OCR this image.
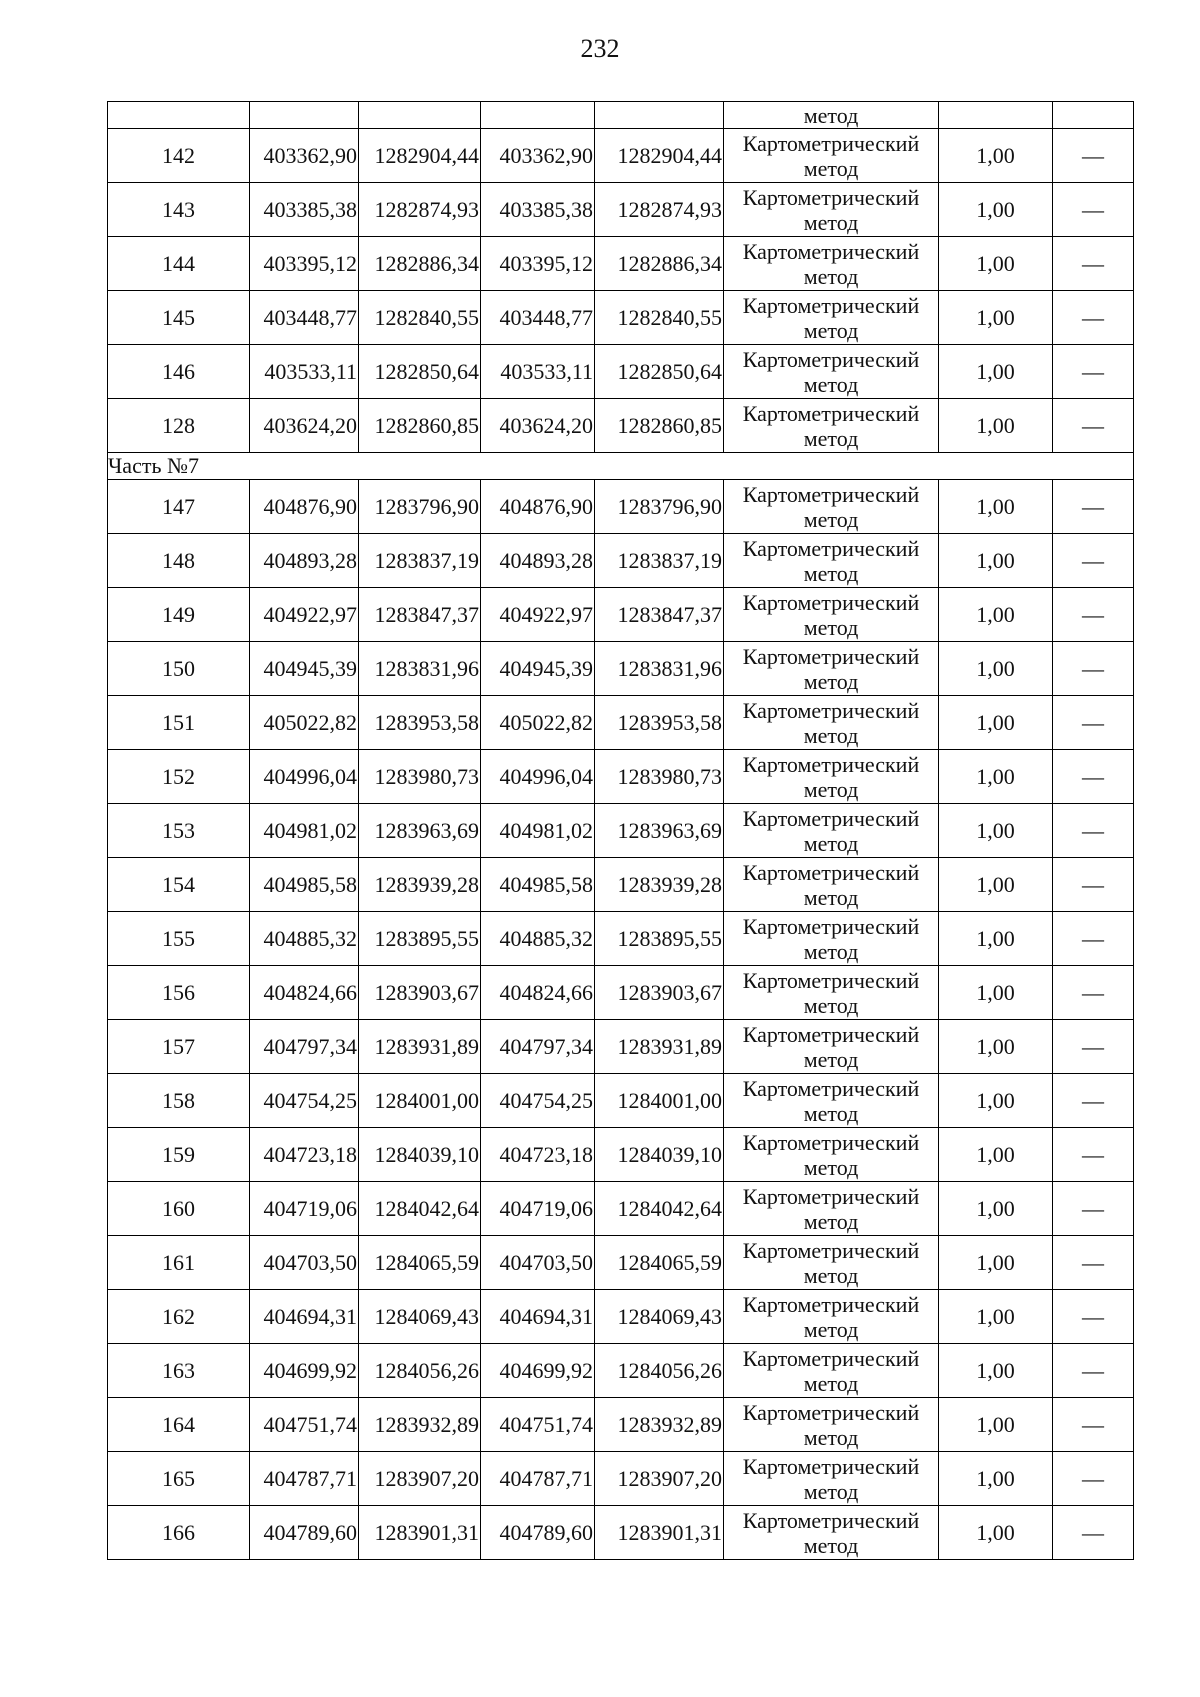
232
					метод		
142	403362,90	1282904,44	403362,90	1282904,44	Картометрический
метод	1,00	—
143	403385,38	1282874,93	403385,38	1282874,93	Картометрический
метод	1,00	—
144	403395,12	1282886,34	403395,12	1282886,34	Картометрический
метод	1,00	—
145	403448,77	1282840,55	403448,77	1282840,55	Картометрический
метод	1,00	—
146	403533,11	1282850,64	403533,11	1282850,64	Картометрический
метод	1,00	—
128	403624,20	1282860,85	403624,20	1282860,85	Картометрический
метод	1,00	—
Часть №7							
147	404876,90	1283796,90	404876,90	1283796,90	Картометрический
метод	1,00	—
148	404893,28	1283837,19	404893,28	1283837,19	Картометрический
метод	1,00	—
149	404922,97	1283847,37	404922,97	1283847,37	Картометрический
метод	1,00	—
150	404945,39	1283831,96	404945,39	1283831,96	Картометрический
метод	1,00	—
151	405022,82	1283953,58	405022,82	1283953,58	Картометрический
метод	1,00	—
152	404996,04	1283980,73	404996,04	1283980,73	Картометрический
метод	1,00	—
153	404981,02	1283963,69	404981,02	1283963,69	Картометрический
метод	1,00	—
154	404985,58	1283939,28	404985,58	1283939,28	Картометрический
метод	1,00	—
155	404885,32	1283895,55	404885,32	1283895,55	Картометрический
метод	1,00	—
156	404824,66	1283903,67	404824,66	1283903,67	Картометрический
метод	1,00	—
157	404797,34	1283931,89	404797,34	1283931,89	Картометрический
метод	1,00	—
158	404754,25	1284001,00	404754,25	1284001,00	Картометрический
метод	1,00	—
159	404723,18	1284039,10	404723,18	1284039,10	Картометрический
метод	1,00	—
160	404719,06	1284042,64	404719,06	1284042,64	Картометрический
метод	1,00	—
161	404703,50	1284065,59	404703,50	1284065,59	Картометрический
метод	1,00	—
162	404694,31	1284069,43	404694,31	1284069,43	Картометрический
метод	1,00	—
163	404699,92	1284056,26	404699,92	1284056,26	Картометрический
метод	1,00	—
164	404751,74	1283932,89	404751,74	1283932,89	Картометрический
метод	1,00	—
165	404787,71	1283907,20	404787,71	1283907,20	Картометрический
метод	1,00	—
166	404789,60	1283901,31	404789,60	1283901,31	Картометрический
метод	1,00	—
